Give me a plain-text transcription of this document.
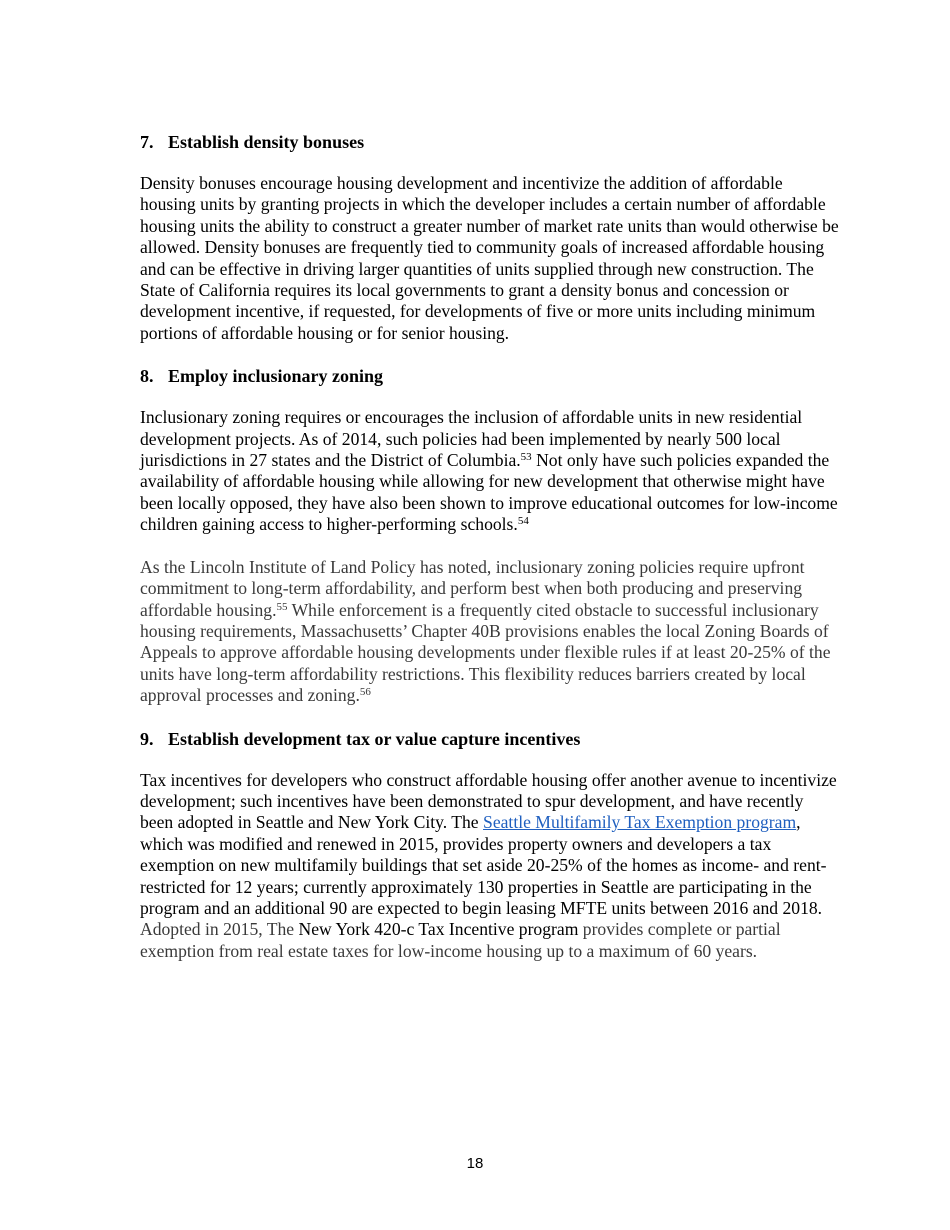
7. Establish density bonuses

Density bonuses encourage housing development and incentivize the addition of affordable housing units by granting projects in which the developer includes a certain number of affordable housing units the ability to construct a greater number of market rate units than would otherwise be allowed. Density bonuses are frequently tied to community goals of increased affordable housing and can be effective in driving larger quantities of units supplied through new construction. The State of California requires its local governments to grant a density bonus and concession or development incentive, if requested, for developments of five or more units including minimum portions of affordable housing or for senior housing.

8. Employ inclusionary zoning

Inclusionary zoning requires or encourages the inclusion of affordable units in new residential development projects. As of 2014, such policies had been implemented by nearly 500 local jurisdictions in 27 states and the District of Columbia.$^{53}$ Not only have such policies expanded the availability of affordable housing while allowing for new development that otherwise might have been locally opposed, they have also been shown to improve educational outcomes for low-income children gaining access to higher-performing schools.$^{54}$

As the Lincoln Institute of Land Policy has noted, inclusionary zoning policies require upfront commitment to long-term affordability, and perform best when both producing and preserving affordable housing.$^{55}$ While enforcement is a frequently cited obstacle to successful inclusionary housing requirements, Massachusetts’ Chapter 40B provisions enables the local Zoning Boards of Appeals to approve affordable housing developments under flexible rules if at least 20-25% of the units have long-term affordability restrictions. This flexibility reduces barriers created by local approval processes and zoning.$^{56}$

9. Establish development tax or value capture incentives

Tax incentives for developers who construct affordable housing offer another avenue to incentivize development; such incentives have been demonstrated to spur development, and have recently been adopted in Seattle and New York City. The Seattle Multifamily Tax Exemption program, which was modified and renewed in 2015, provides property owners and developers a tax exemption on new multifamily buildings that set aside 20-25% of the homes as income- and rent-restricted for 12 years; currently approximately 130 properties in Seattle are participating in the program and an additional 90 are expected to begin leasing MFTE units between 2016 and 2018. Adopted in 2015, The New York 420-c Tax Incentive program provides complete or partial exemption from real estate taxes for low-income housing up to a maximum of 60 years.

18
